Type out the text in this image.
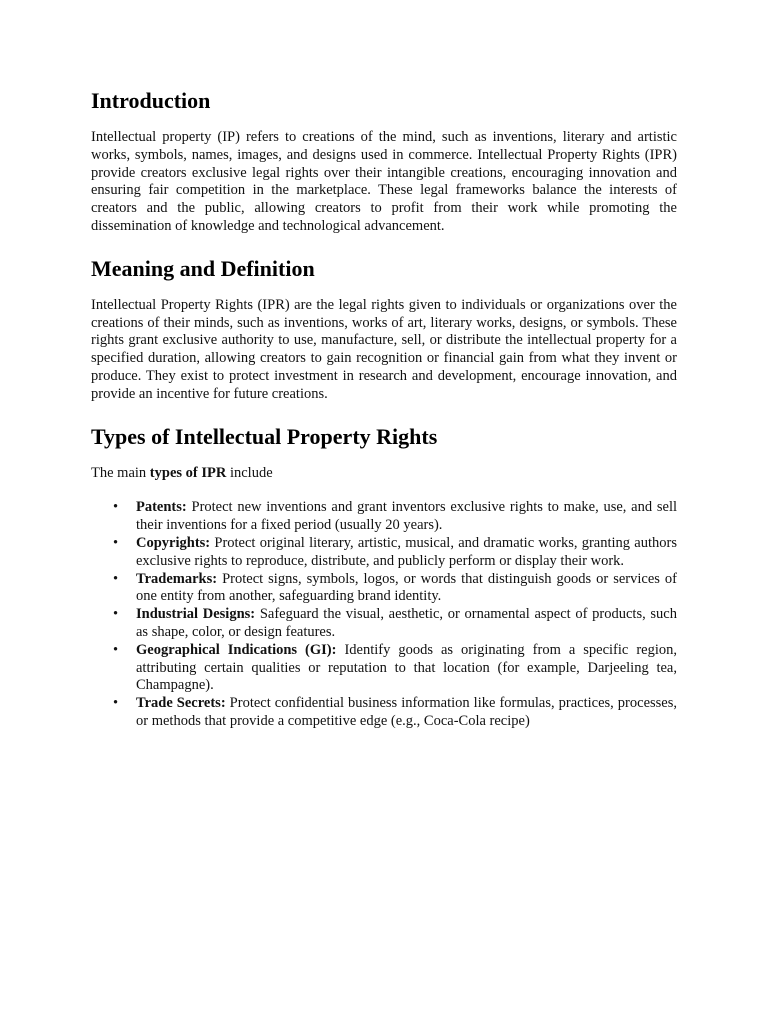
Introduction

Intellectual property (IP) refers to creations of the mind, such as inventions, literary and artistic works, symbols, names, images, and designs used in commerce. Intellectual Property Rights (IPR) provide creators exclusive legal rights over their intangible creations, encouraging innovation and ensuring fair competition in the marketplace. These legal frameworks balance the interests of creators and the public, allowing creators to profit from their work while promoting the dissemination of knowledge and technological advancement.

Meaning and Definition

Intellectual Property Rights (IPR) are the legal rights given to individuals or organizations over the creations of their minds, such as inventions, works of art, literary works, designs, or symbols. These rights grant exclusive authority to use, manufacture, sell, or distribute the intellectual property for a specified duration, allowing creators to gain recognition or financial gain from what they invent or produce. They exist to protect investment in research and development, encourage innovation, and provide an incentive for future creations.

Types of Intellectual Property Rights
The main types of IPR include
• Patents: Protect new inventions and grant inventors exclusive rights to make, use, and sell their inventions for a fixed period (usually 20 years).
• Copyrights: Protect original literary, artistic, musical, and dramatic works, granting authors exclusive rights to reproduce, distribute, and publicly perform or display their work.
• Trademarks: Protect signs, symbols, logos, or words that distinguish goods or services of one entity from another, safeguarding brand identity.
• Industrial Designs: Safeguard the visual, aesthetic, or ornamental aspect of products, such as shape, color, or design features.
• Geographical Indications (GI): Identify goods as originating from a specific region, attributing certain qualities or reputation to that location (for example, Darjeeling tea, Champagne).
• Trade Secrets: Protect confidential business information like formulas, practices, processes, or methods that provide a competitive edge (e.g., Coca-Cola recipe)
